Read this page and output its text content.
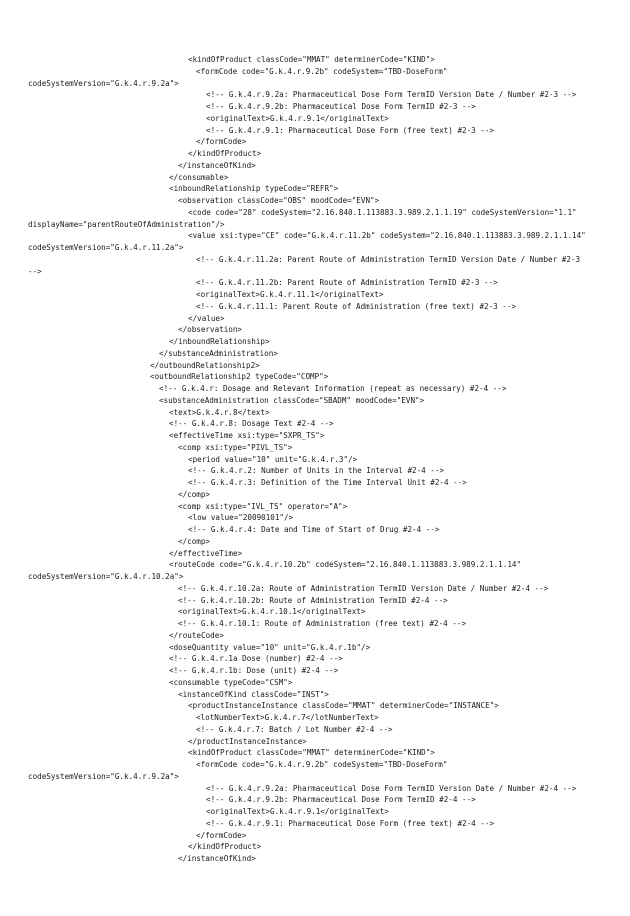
<kindOfProduct classCode="MMAT" determinerCode="KIND">
<formCode code="G.k.4.r.9.2b" codeSystem="TBD-DoseForm"
codeSystemVersion="G.k.4.r.9.2a">
<!-- G.k.4.r.9.2a: Pharmaceutical Dose Form TermID Version Date / Number #2-3 -->
<!-- G.k.4.r.9.2b: Pharmaceutical Dose Form TermID #2-3 -->
<originalText>G.k.4.r.9.1</originalText>
<!-- G.k.4.r.9.1: Pharmaceutical Dose Form (free text) #2-3 -->
</formCode>
</kindOfProduct>
</instanceOfKind>
</consumable>
<inboundRelationship typeCode="REFR">
<observation classCode="OBS" moodCode="EVN">
<code code="28" codeSystem="2.16.840.1.113883.3.989.2.1.1.19" codeSystemVersion="1.1"
displayName="parentRouteOfAdministration"/>
<value xsi:type="CE" code="G.k.4.r.11.2b" codeSystem="2.16.840.1.113883.3.989.2.1.1.14"
codeSystemVersion="G.k.4.r.11.2a">
<!-- G.k.4.r.11.2a: Parent Route of Administration TermID Version Date / Number #2-3
-->
<!-- G.k.4.r.11.2b: Parent Route of Administration TermID #2-3 -->
<originalText>G.k.4.r.11.1</originalText>
<!-- G.k.4.r.11.1: Parent Route of Administration (free text) #2-3 -->
</value>
</observation>
</inboundRelationship>
</substanceAdministration>
</outboundRelationship2>
<outboundRelationship2 typeCode="COMP">
<!-- G.k.4.r: Dosage and Relevant Information (repeat as necessary) #2-4 -->
<substanceAdministration classCode="SBADM" moodCode="EVN">
<text>G.k.4.r.8</text>
<!-- G.k.4.r.8: Dosage Text #2-4 -->
<effectiveTime xsi:type="SXPR_TS">
<comp xsi:type="PIVL_TS">
<period value="10" unit="G.k.4.r.3"/>
<!-- G.k.4.r.2: Number of Units in the Interval #2-4 -->
<!-- G.k.4.r.3: Definition of the Time Interval Unit #2-4 -->
</comp>
<comp xsi:type="IVL_TS" operator="A">
<low value="20090101"/>
<!-- G.k.4.r.4: Date and Time of Start of Drug #2-4 -->
</comp>
</effectiveTime>
<routeCode code="G.k.4.r.10.2b" codeSystem="2.16.840.1.113883.3.989.2.1.1.14"
codeSystemVersion="G.k.4.r.10.2a">
<!-- G.k.4.r.10.2a: Route of Administration TermID Version Date / Number #2-4 -->
<!-- G.k.4.r.10.2b: Route of Administration TermID #2-4 -->
<originalText>G.k.4.r.10.1</originalText>
<!-- G.k.4.r.10.1: Route of Administration (free text) #2-4 -->
</routeCode>
<doseQuantity value="10" unit="G.k.4.r.1b"/>
<!-- G.k.4.r.1a Dose (number) #2-4 -->
<!-- G.k.4.r.1b: Dose (unit) #2-4 -->
<consumable typeCode="CSM">
<instanceOfKind classCode="INST">
<productInstanceInstance classCode="MMAT" determinerCode="INSTANCE">
<lotNumberText>G.k.4.r.7</lotNumberText>
<!-- G.k.4.r.7: Batch / Lot Number #2-4 -->
</productInstanceInstance>
<kindOfProduct classCode="MMAT" determinerCode="KIND">
<formCode code="G.k.4.r.9.2b" codeSystem="TBD-DoseForm"
codeSystemVersion="G.k.4.r.9.2a">
<!-- G.k.4.r.9.2a: Pharmaceutical Dose Form TermID Version Date / Number #2-4 -->
<!-- G.k.4.r.9.2b: Pharmaceutical Dose Form TermID #2-4 -->
<originalText>G.k.4.r.9.1</originalText>
<!-- G.k.4.r.9.1: Pharmaceutical Dose Form (free text) #2-4 -->
</formCode>
</kindOfProduct>
</instanceOfKind>
